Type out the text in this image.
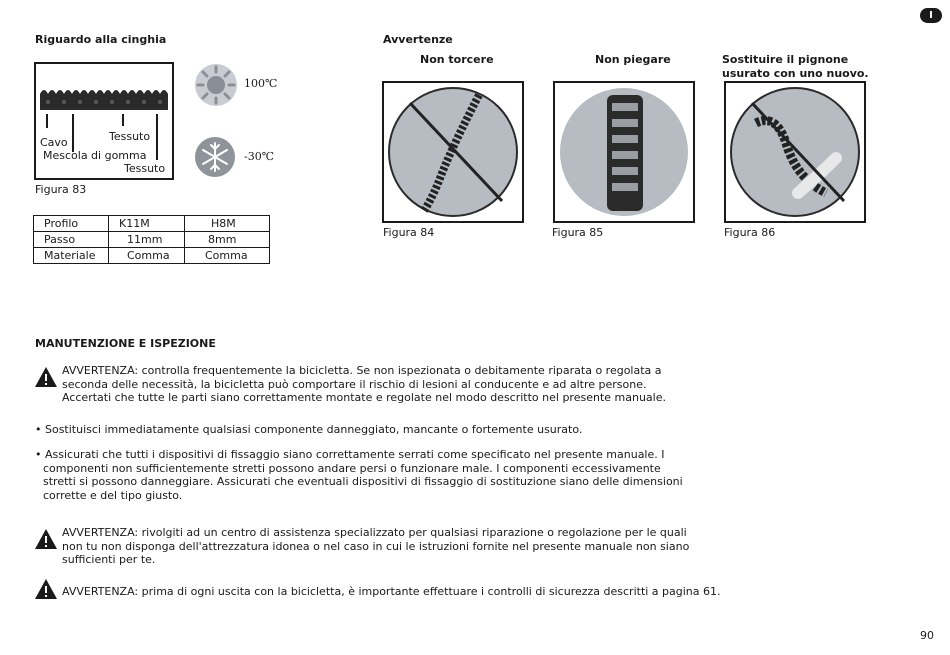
I
Riguardo alla cinghia
Cavo	Tessuto
Mescola di gomma
Tessuto
100℃
-30℃
Figura 83
Profilo	K11M	H8M
Passo	11mm	8mm
Materiale	Comma	Comma
Avvertenze
Non torcere	Non piegare	Sostituire il pignone usurato con uno nuovo.
Figura 84	Figura 85	Figura 86
MANUTENZIONE E ISPEZIONE
AVVERTENZA: controlla frequentemente la bicicletta. Se non ispezionata o debitamente riparata o regolata a seconda delle necessità, la bicicletta può comportare il rischio di lesioni al conducente e ad altre persone. Accertati che tutte le parti siano correttamente montate e regolate nel modo descritto nel presente manuale.
• Sostituisci immediatamente qualsiasi componente danneggiato, mancante o fortemente usurato.
• Assicurati che tutti i dispositivi di fissaggio siano correttamente serrati come specificato nel presente manuale. I componenti non sufficientemente stretti possono andare persi o funzionare male. I componenti eccessivamente stretti si possono danneggiare. Assicurati che eventuali dispositivi di fissaggio di sostituzione siano delle dimensioni corrette e del tipo giusto.
AVVERTENZA: rivolgiti ad un centro di assistenza specializzato per qualsiasi riparazione o regolazione per le quali non tu non disponga dell'attrezzatura idonea o nel caso in cui le istruzioni fornite nel presente manuale non siano sufficienti per te.
AVVERTENZA: prima di ogni uscita con la bicicletta, è importante effettuare i controlli di sicurezza descritti a pagina 61.
90
